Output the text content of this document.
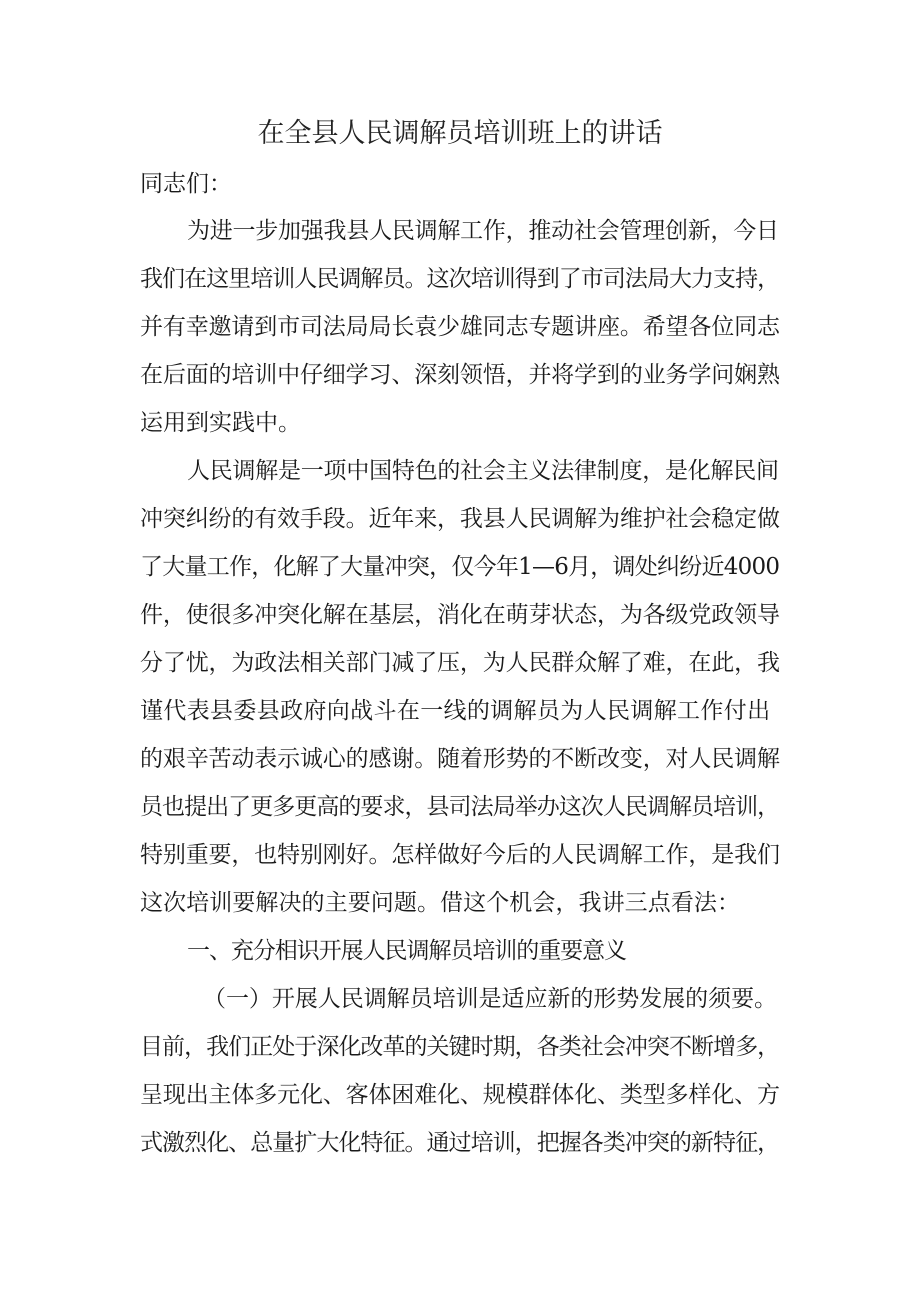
在全县人民调解员培训班上的讲话

同志们：

为进一步加强我县人民调解工作，推动社会管理创新，今日

我们在这里培训人民调解员。这次培训得到了市司法局大力支持，

并有幸邀请到市司法局局长袁少雄同志专题讲座。希望各位同志

在后面的培训中仔细学习、深刻领悟，并将学到的业务学问娴熟

运用到实践中。

人民调解是一项中国特色的社会主义法律制度，是化解民间

冲突纠纷的有效手段。近年来，我县人民调解为维护社会稳定做

了大量工作，化解了大量冲突，仅今年1—6月，调处纠纷近4000

件，使很多冲突化解在基层，消化在萌芽状态，为各级党政领导

分了忧，为政法相关部门减了压，为人民群众解了难，在此，我

谨代表县委县政府向战斗在一线的调解员为人民调解工作付出

的艰辛苦动表示诚心的感谢。随着形势的不断改变，对人民调解

员也提出了更多更高的要求，县司法局举办这次人民调解员培训，

特别重要，也特别刚好。怎样做好今后的人民调解工作，是我们

这次培训要解决的主要问题。借这个机会，我讲三点看法：

一、充分相识开展人民调解员培训的重要意义

（一）开展人民调解员培训是适应新的形势发展的须要。

目前，我们正处于深化改革的关键时期，各类社会冲突不断增多，

呈现出主体多元化、客体困难化、规模群体化、类型多样化、方

式激烈化、总量扩大化特征。通过培训，把握各类冲突的新特征，
